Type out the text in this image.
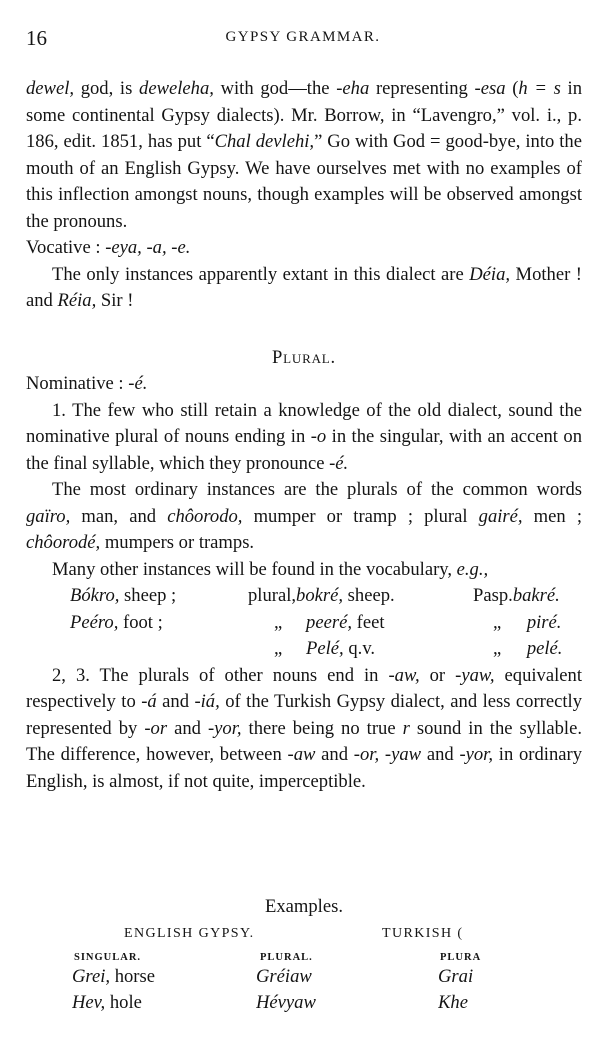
16	GYPSY GRAMMAR.

dewel, god, is deweleha, with god—the -eha representing -esa (h = s in some continental Gypsy dialects). Mr. Borrow, in “Lavengro,” vol. i., p. 186, edit. 1851, has put “Chal devlehi,” Go with God = good-bye, into the mouth of an English Gypsy. We have ourselves met with no examples of this inflection amongst nouns, though examples will be observed amongst the pronouns.

Vocative : -eya, -a, -e.

The only instances apparently extant in this dialect are Déia, Mother ! and Réia, Sir !

Plural.

Nominative : -é.

1. The few who still retain a knowledge of the old dialect, sound the nominative plural of nouns ending in -o in the singular, with an accent on the final syllable, which they pronounce -é.

The most ordinary instances are the plurals of the common words gaïro, man, and chôorodo, mumper or tramp ; plural gairé, men ; chôorodé, mumpers or tramps.

Many other instances will be found in the vocabulary, e.g.,

Bókro, sheep ;	plural,	bokré, sheep.	Pasp.	bakré.
Peéro, foot ;	„	peeré, feet	„	piré.
	„	Pelé, q.v.	„	pelé.

2, 3. The plurals of other nouns end in -aw, or -yaw, equivalent respectively to -á and -iá, of the Turkish Gypsy dialect, and less correctly represented by -or and -yor, there being no true r sound in the syllable. The difference, however, between -aw and -or, -yaw and -yor, in ordinary English, is almost, if not quite, imperceptible.

Examples.
ENGLISH GYPSY.	TURKISH (
SINGULAR.	PLURAL.	PLURA
Grei, horse	Gréiaw	Grai
Hev, hole	Hévyaw	Khe
